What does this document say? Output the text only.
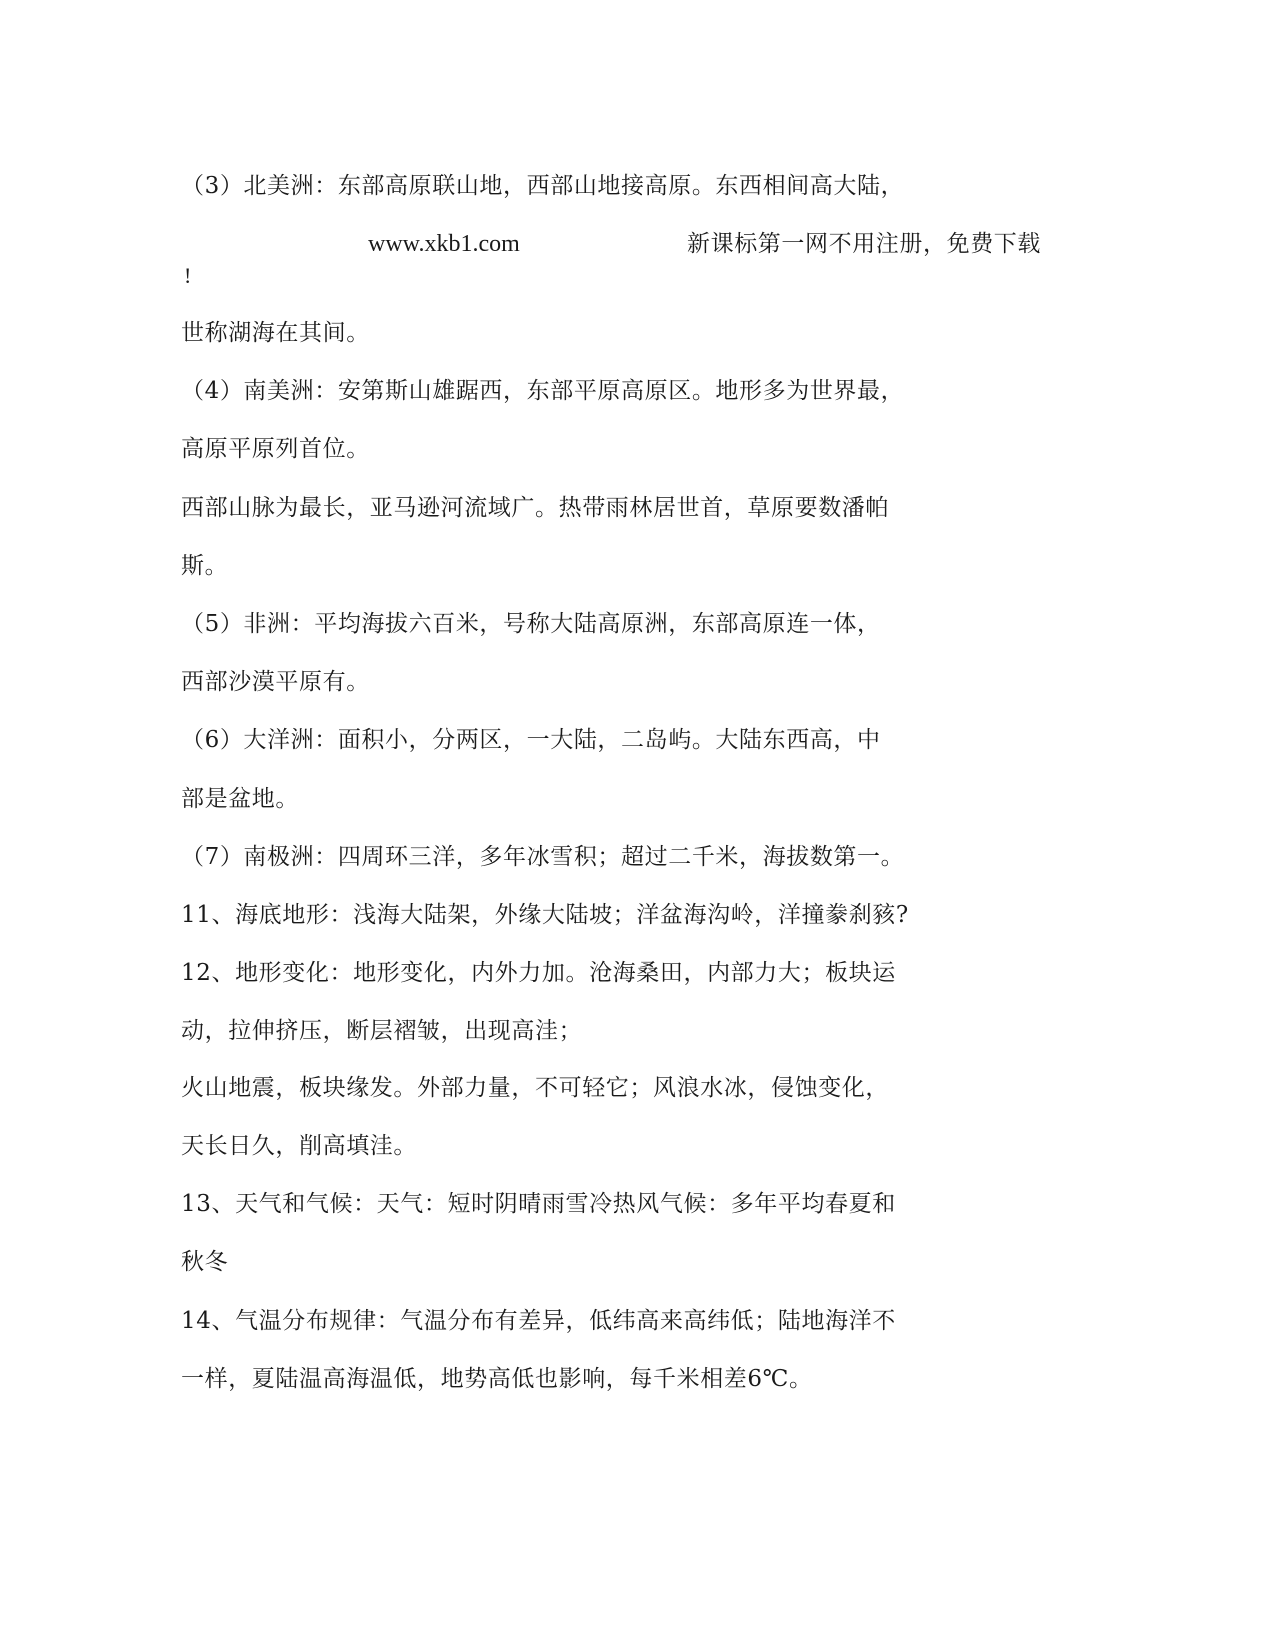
（3）北美洲：东部高原联山地，西部山地接高原。东西相间高大陆，

www.xkb1.com	新课标第一网不用注册，免费下载
!

世称湖海在其间。

（4）南美洲：安第斯山雄踞西，东部平原高原区。地形多为世界最，

高原平原列首位。

西部山脉为最长，亚马逊河流域广。热带雨林居世首，草原要数潘帕

斯。

（5）非洲：平均海拔六百米，号称大陆高原洲，东部高原连一体，

西部沙漠平原有。

（6）大洋洲：面积小，分两区，一大陆，二岛屿。大陆东西高，中

部是盆地。

（7）南极洲：四周环三洋，多年冰雪积；超过二千米，海拔数第一。

11、海底地形：浅海大陆架，外缘大陆坡；洋盆海沟岭，洋撞豢刹豥?

12、地形变化：地形变化，内外力加。沧海桑田，内部力大；板块运

动，拉伸挤压，断层褶皱，出现高洼；

火山地震，板块缘发。外部力量，不可轻它；风浪水冰，侵蚀变化，

天长日久，削高填洼。

13、天气和气候：天气：短时阴晴雨雪冷热风气候：多年平均春夏和

秋冬

14、气温分布规律：气温分布有差异，低纬高来高纬低；陆地海洋不

一样，夏陆温高海温低，地势高低也影响，每千米相差6℃。
